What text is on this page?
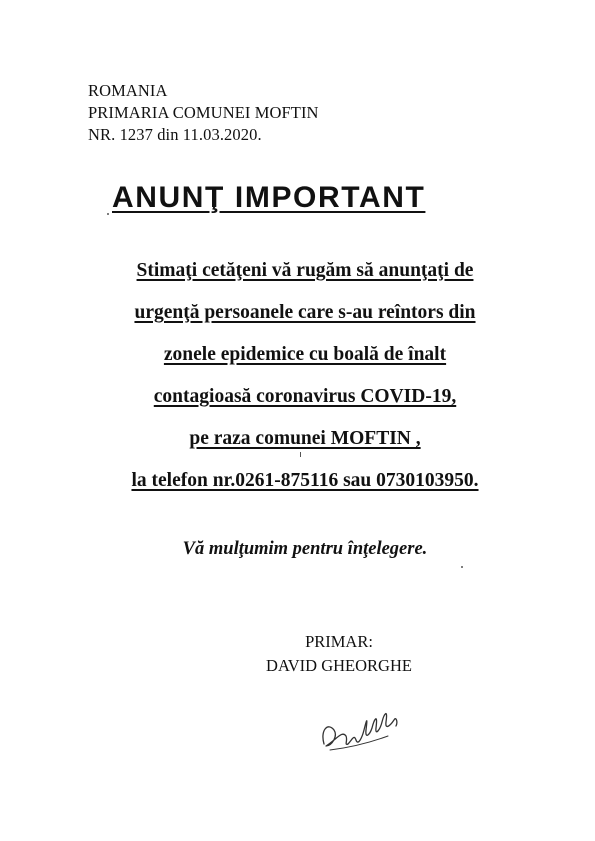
ROMANIA
PRIMARIA COMUNEI MOFTIN
NR. 1237 din 11.03.2020.
ANUNŢ IMPORTANT
Stimaţi cetăţeni vă rugăm să anunţaţi de
urgenţă persoanele care s-au reîntors din
zonele epidemice cu boală de înalt
contagioasă coronavirus COVID-19,
pe raza comunei MOFTIN ,
la telefon nr.0261-875116 sau 0730103950.
Vă mulţumim pentru înţelegere.
PRIMAR:
DAVID GHEORGHE
